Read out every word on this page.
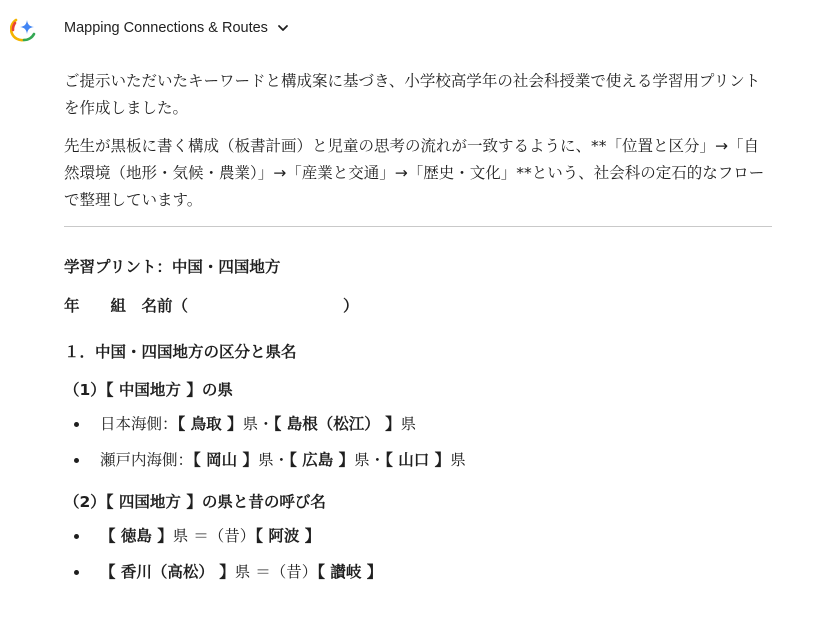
Mapping Connections & Routes

ご提示いただいたキーワードと構成案に基づき、小学校高学年の社会科授業で使える学習用プリントを作成しました。

先生が黒板に書く構成（板書計画）と児童の思考の流れが一致するように、**「位置と区分」→「自然環境（地形・気候・農業）」→「産業と交通」→「歴史・文化」**という、社会科の定石的なフローで整理しています。

学習プリント：中国・四国地方
年　　組　名前（　　　　　　　　　　）
１．中国・四国地方の区分と県名
（1）【 中国地方 】の県
日本海側：【 鳥取 】県・【 島根（松江） 】県
瀬戸内海側：【 岡山 】県・【 広島 】県・【 山口 】県
（2）【 四国地方 】の県と昔の呼び名
【 徳島 】県 ＝（昔）【 阿波 】
【 香川（高松） 】県 ＝（昔）【 讃岐 】
